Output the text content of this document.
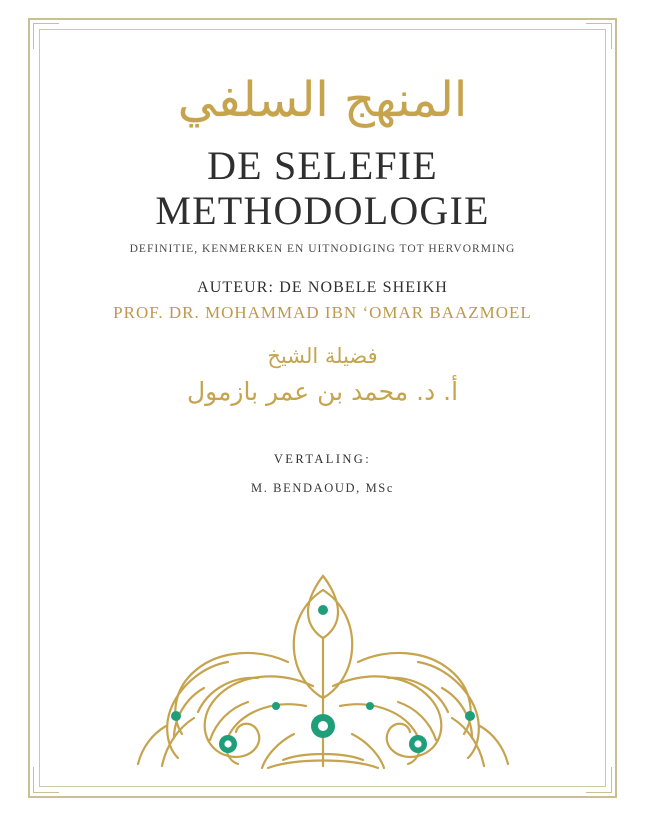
المنهج السلفي
DE SELEFIE
METHODOLOGIE
DEFINITIE, KENMERKEN EN UITNODIGING TOT HERVORMING
AUTEUR: DE NOBELE SHEIKH
PROF. DR. MOHAMMAD IBN ‘OMAR BAAZMOEL
فضيلة الشيخ
أ. د. محمد بن عمر بازمول
VERTALING:
M. BENDAOUD, MSc
